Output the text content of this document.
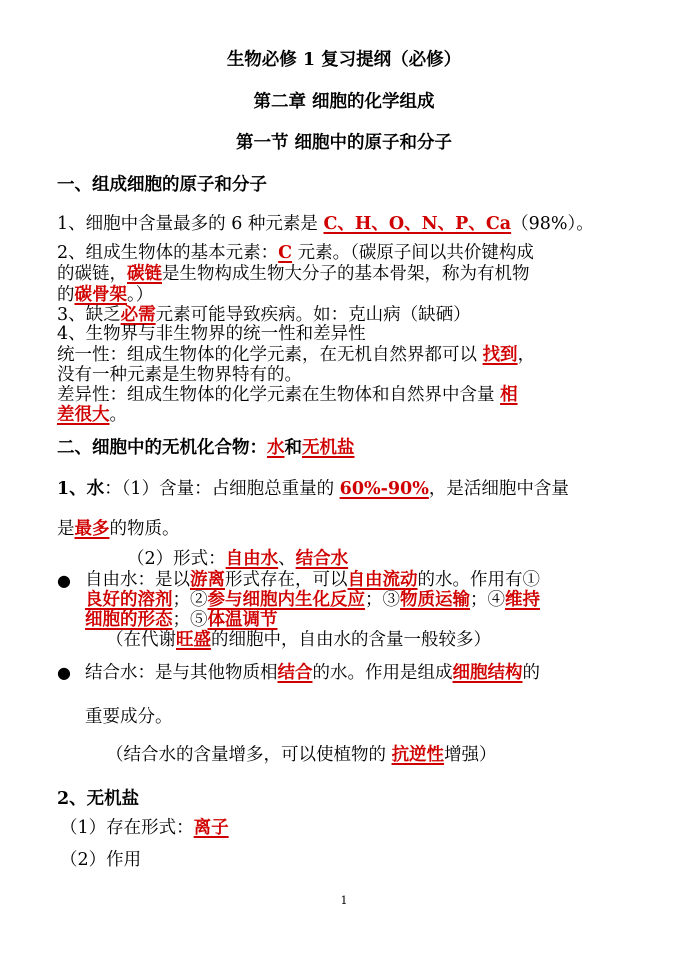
生物必修 1 复习提纲（必修）

第二章 细胞的化学组成

第一节 细胞中的原子和分子

一、组成细胞的原子和分子

1、细胞中含量最多的 6 种元素是 C、H、O、N、P、Ca（98%）。

2、组成生物体的基本元素：C 元素。（碳原子间以共价键构成

的碳链，碳链是生物构成生物大分子的基本骨架，称为有机物

的碳骨架。）

3、缺乏必需元素可能导致疾病。如：克山病（缺硒）

4、生物界与非生物界的统一性和差异性

统一性：组成生物体的化学元素，在无机自然界都可以 找到，

没有一种元素是生物界特有的。

差异性：组成生物体的化学元素在生物体和自然界中含量 相

差很大。

二、细胞中的无机化合物：水和无机盐

1、水：（1）含量：占细胞总重量的 60%-90%，是活细胞中含量

是最多的物质。

（2）形式：自由水、结合水

● 自由水：是以游离形式存在，可以自由流动的水。作用有①

良好的溶剂；②参与细胞内生化反应；③物质运输；④维持

细胞的形态；⑤体温调节

（在代谢旺盛的细胞中，自由水的含量一般较多）

● 结合水：是与其他物质相结合的水。作用是组成细胞结构的

重要成分。

（结合水的含量增多，可以使植物的 抗逆性增强）

2、无机盐

（1）存在形式：离子

（2）作用

1
